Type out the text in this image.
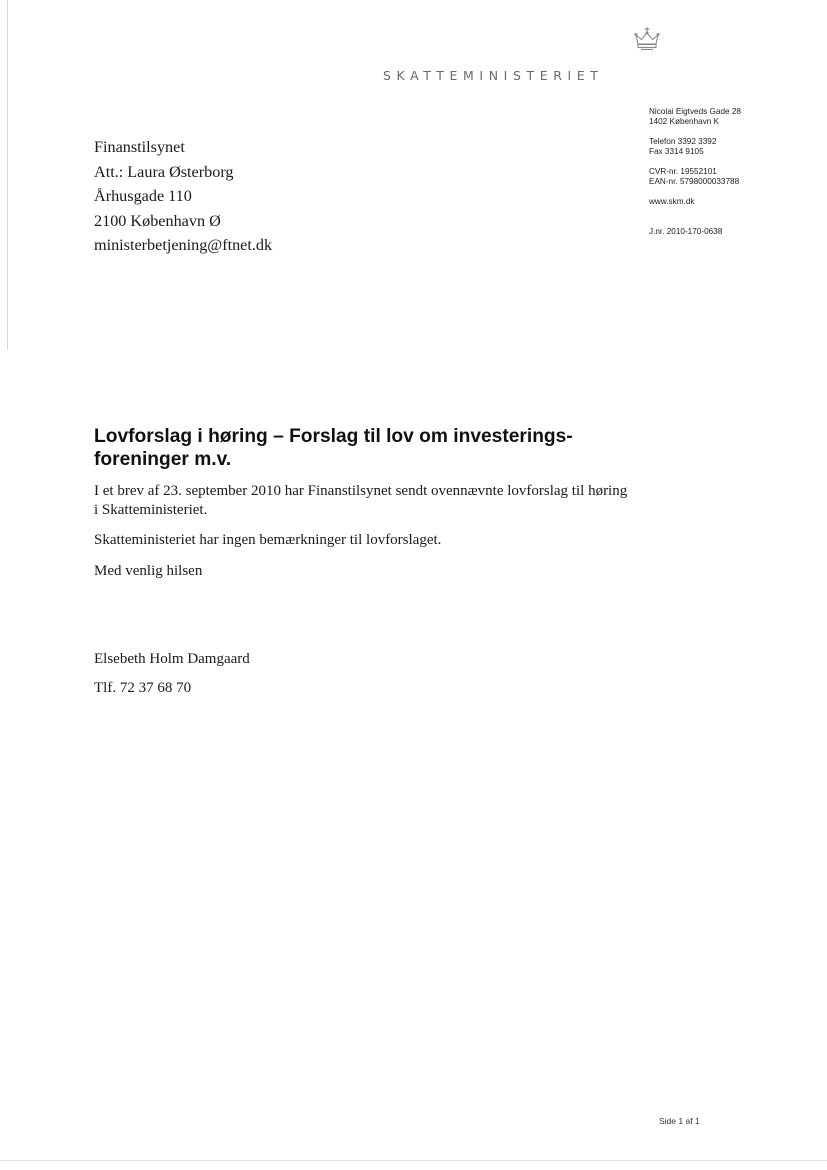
SKATTEMINISTERIET
Nicolai Eigtveds Gade 28
1402 København K
Telefon 3392 3392
Fax 3314 9105
CVR-nr. 19552101
EAN-nr. 5798000033788
www.skm.dk
J.nr. 2010-170-0638
Finanstilsynet
Att.: Laura Østerborg
Århusgade 110
2100 København Ø
ministerbetjening@ftnet.dk
Lovforslag i høring – Forslag til lov om investerings-foreninger m.v.

I et brev af 23. september 2010 har Finanstilsynet sendt ovennævnte lovforslag til høring i Skatteministeriet.

Skatteministeriet har ingen bemærkninger til lovforslaget.

Med venlig hilsen

Elsebeth Holm Damgaard
Tlf. 72 37 68 70
Side 1 af 1
